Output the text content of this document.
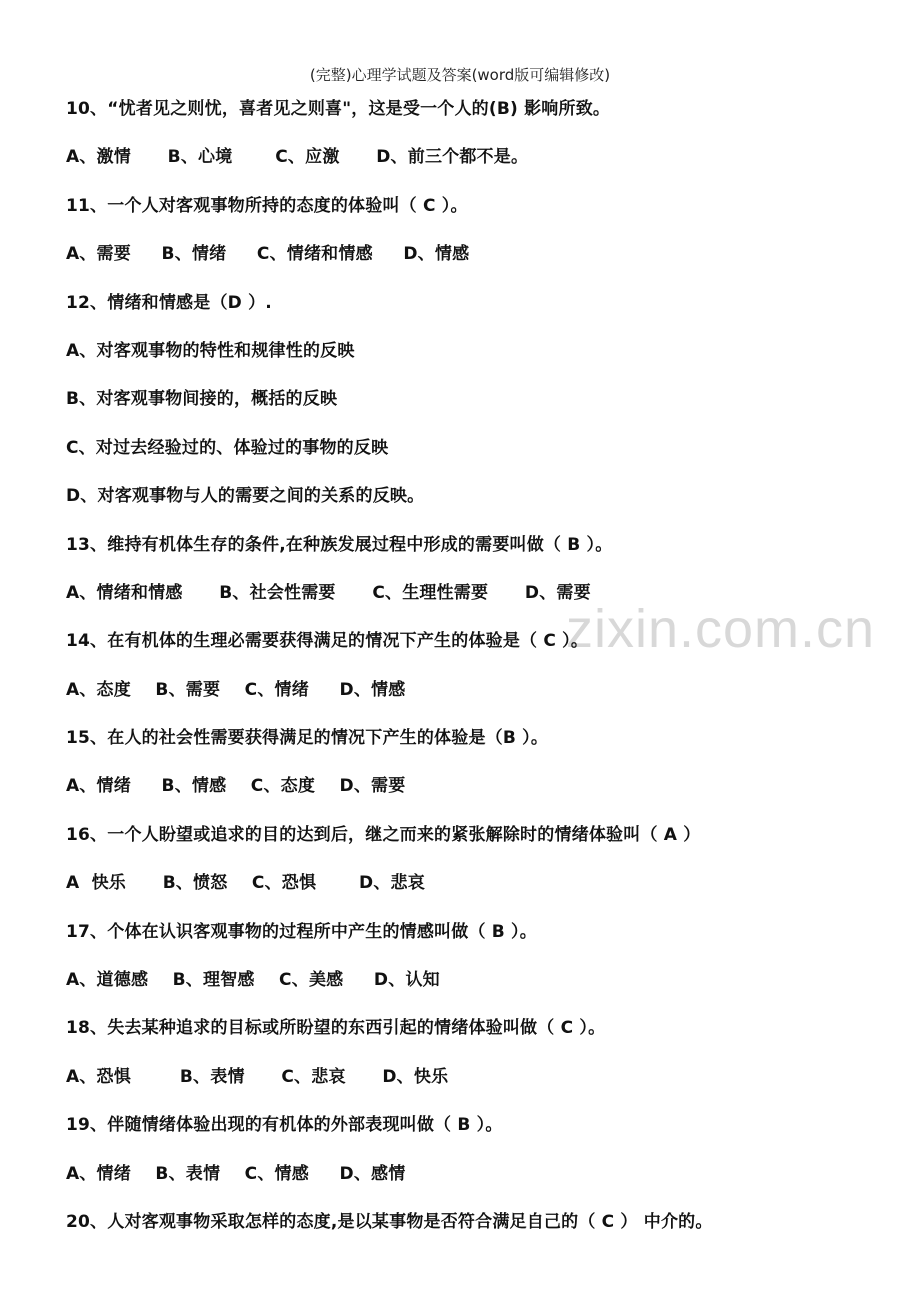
(完整)心理学试题及答案(word版可编辑修改)
zixin.com.cn
10、“忧者见之则忧，喜者见之则喜"，这是受一个人的(B) 影响所致。
A、激情      B、心境       C、应激      D、前三个都不是。
11、一个人对客观事物所持的态度的体验叫（ C ）。
A、需要     B、情绪     C、情绪和情感     D、情感
12、情绪和情感是（D ）.
A、对客观事物的特性和规律性的反映
B、对客观事物间接的，概括的反映
C、对过去经验过的、体验过的事物的反映
D、对客观事物与人的需要之间的关系的反映。
13、维持有机体生存的条件,在种族发展过程中形成的需要叫做（ B ）。
A、情绪和情感      B、社会性需要      C、生理性需要      D、需要
14、在有机体的生理必需要获得满足的情况下产生的体验是（ C ）。
A、态度    B、需要    C、情绪     D、情感
15、在人的社会性需要获得满足的情况下产生的体验是（B ）。
A、情绪     B、情感    C、态度    D、需要
16、一个人盼望或追求的目的达到后，继之而来的紧张解除时的情绪体验叫（ A ）
A  快乐      B、愤怒    C、恐惧       D、悲哀
17、个体在认识客观事物的过程所中产生的情感叫做（ B ）。
A、道德感    B、理智感    C、美感     D、认知
18、失去某种追求的目标或所盼望的东西引起的情绪体验叫做（ C ）。
A、恐惧        B、表情      C、悲哀      D、快乐
19、伴随情绪体验出现的有机体的外部表现叫做（ B ）。
A、情绪    B、表情    C、情感     D、感情
20、人对客观事物采取怎样的态度,是以某事物是否符合满足自己的（ C ） 中介的。
